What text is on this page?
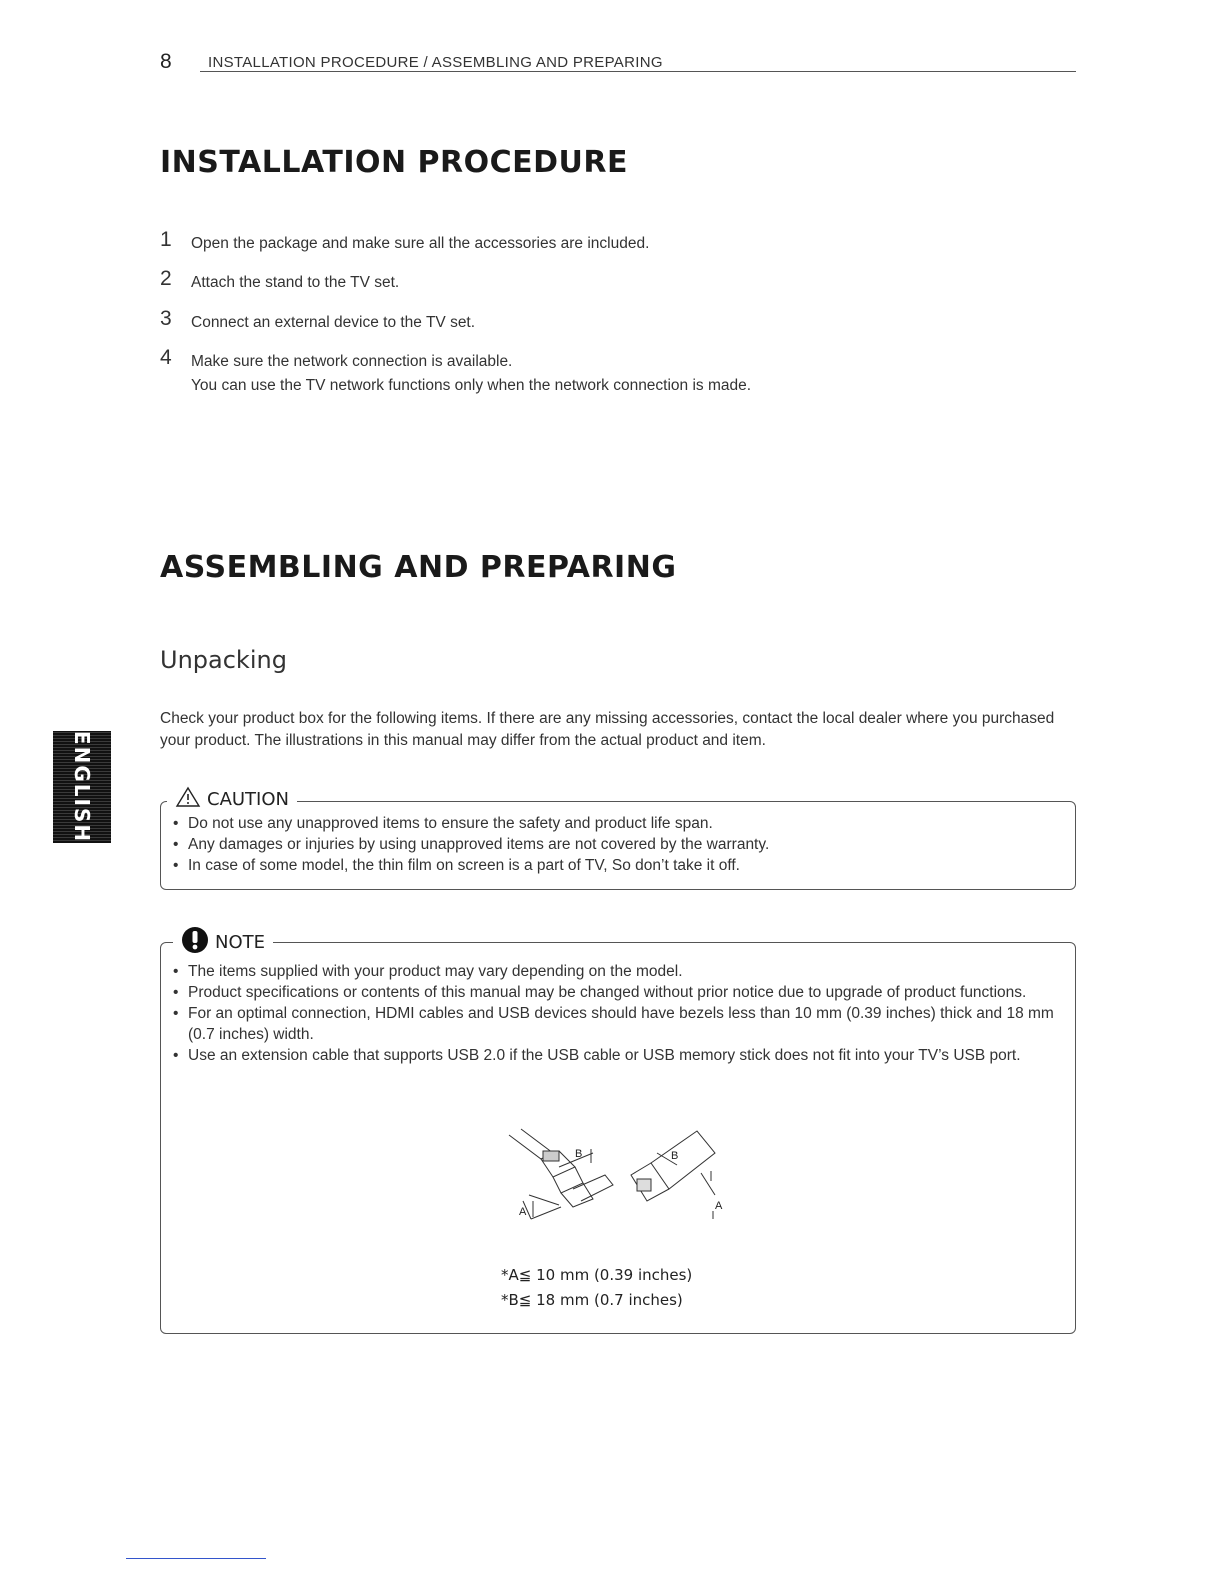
8 INSTALLATION PROCEDURE / ASSEMBLING AND PREPARING
INSTALLATION PROCEDURE
1 Open the package and make sure all the accessories are included.
2 Attach the stand to the TV set.
3 Connect an external device to the TV set.
4 Make sure the network connection is available.
You can use the TV network functions only when the network connection is made.
ASSEMBLING AND PREPARING
Unpacking
Check your product box for the following items. If there are any missing accessories, contact the local dealer where you purchased your product. The illustrations in this manual may differ from the actual product and item.
ENGLISH	CAUTION
• Do not use any unapproved items to ensure the safety and product life span.
• Any damages or injuries by using unapproved items are not covered by the warranty.
• In case of some model, the thin film on screen is a part of TV, So don’t take it off.
NOTE
• The items supplied with your product may vary depending on the model.
• Product specifications or contents of this manual may be changed without prior notice due to upgrade of product functions.
• For an optimal connection, HDMI cables and USB devices should have bezels less than 10 mm (0.39 inches) thick and 18 mm (0.7 inches) width.
• Use an extension cable that supports USB 2.0 if the USB cable or USB memory stick does not fit into your TV’s USB port.
B
A
B
A
*A≦ 10 mm (0.39 inches)
*B≦ 18 mm (0.7 inches)
